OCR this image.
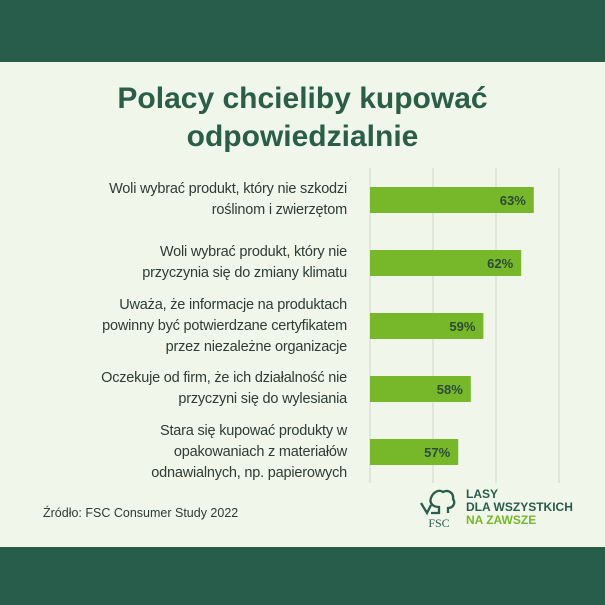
Polacy chcieliby kupować
odpowiedzialnie
Woli wybrać produkt, który nie szkodzi
roślinom i zwierzętom
Woli wybrać produkt, który nie
przyczynia się do zmiany klimatu
Uważa, że informacje na produktach
powinny być potwierdzane certyfikatem
przez niezależne organizacje
Oczekuje od firm, że ich działalność nie
przyczyni się do wylesiania
Stara się kupować produkty w
opakowaniach z materiałów
odnawialnych, np. papierowych
63%
62%
59%
58%
57%
Źródło: FSC Consumer Study 2022
FSC
LASY
DLA WSZYSTKICH
NA ZAWSZE
